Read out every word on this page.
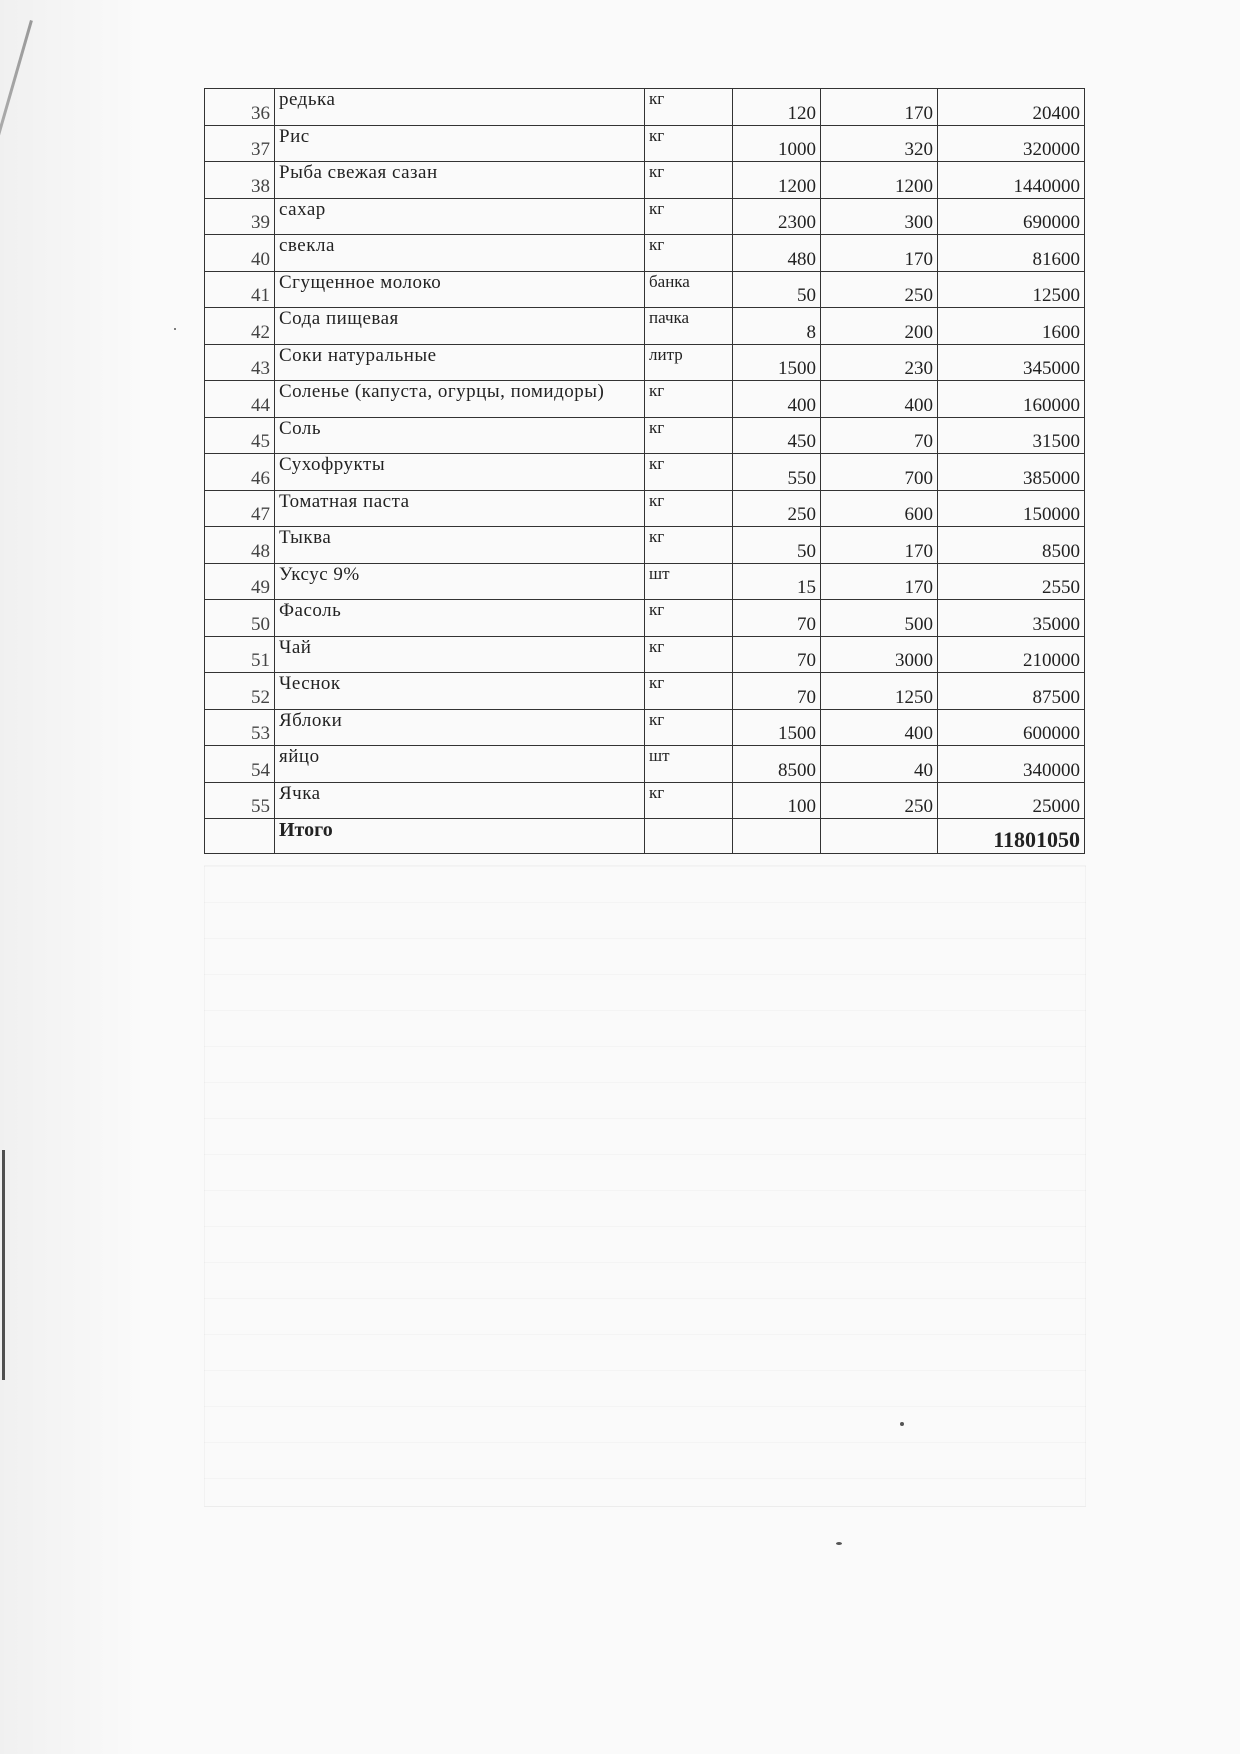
36	редька	кг	120	170	20400
37	Рис	кг	1000	320	320000
38	Рыба свежая сазан	кг	1200	1200	1440000
39	сахар	кг	2300	300	690000
40	свекла	кг	480	170	81600
41	Сгущенное молоко	банка	50	250	12500
42	Сода пищевая	пачка	8	200	1600
43	Соки натуральные	литр	1500	230	345000
44	Соленье (капуста, огурцы, помидоры)	кг	400	400	160000
45	Соль	кг	450	70	31500
46	Сухофрукты	кг	550	700	385000
47	Томатная паста	кг	250	600	150000
48	Тыква	кг	50	170	8500
49	Уксус 9%	шт	15	170	2550
50	Фасоль	кг	70	500	35000
51	Чай	кг	70	3000	210000
52	Чеснок	кг	70	1250	87500
53	Яблоки	кг	1500	400	600000
54	яйцо	шт	8500	40	340000
55	Ячка	кг	100	250	25000
	Итого				11801050
